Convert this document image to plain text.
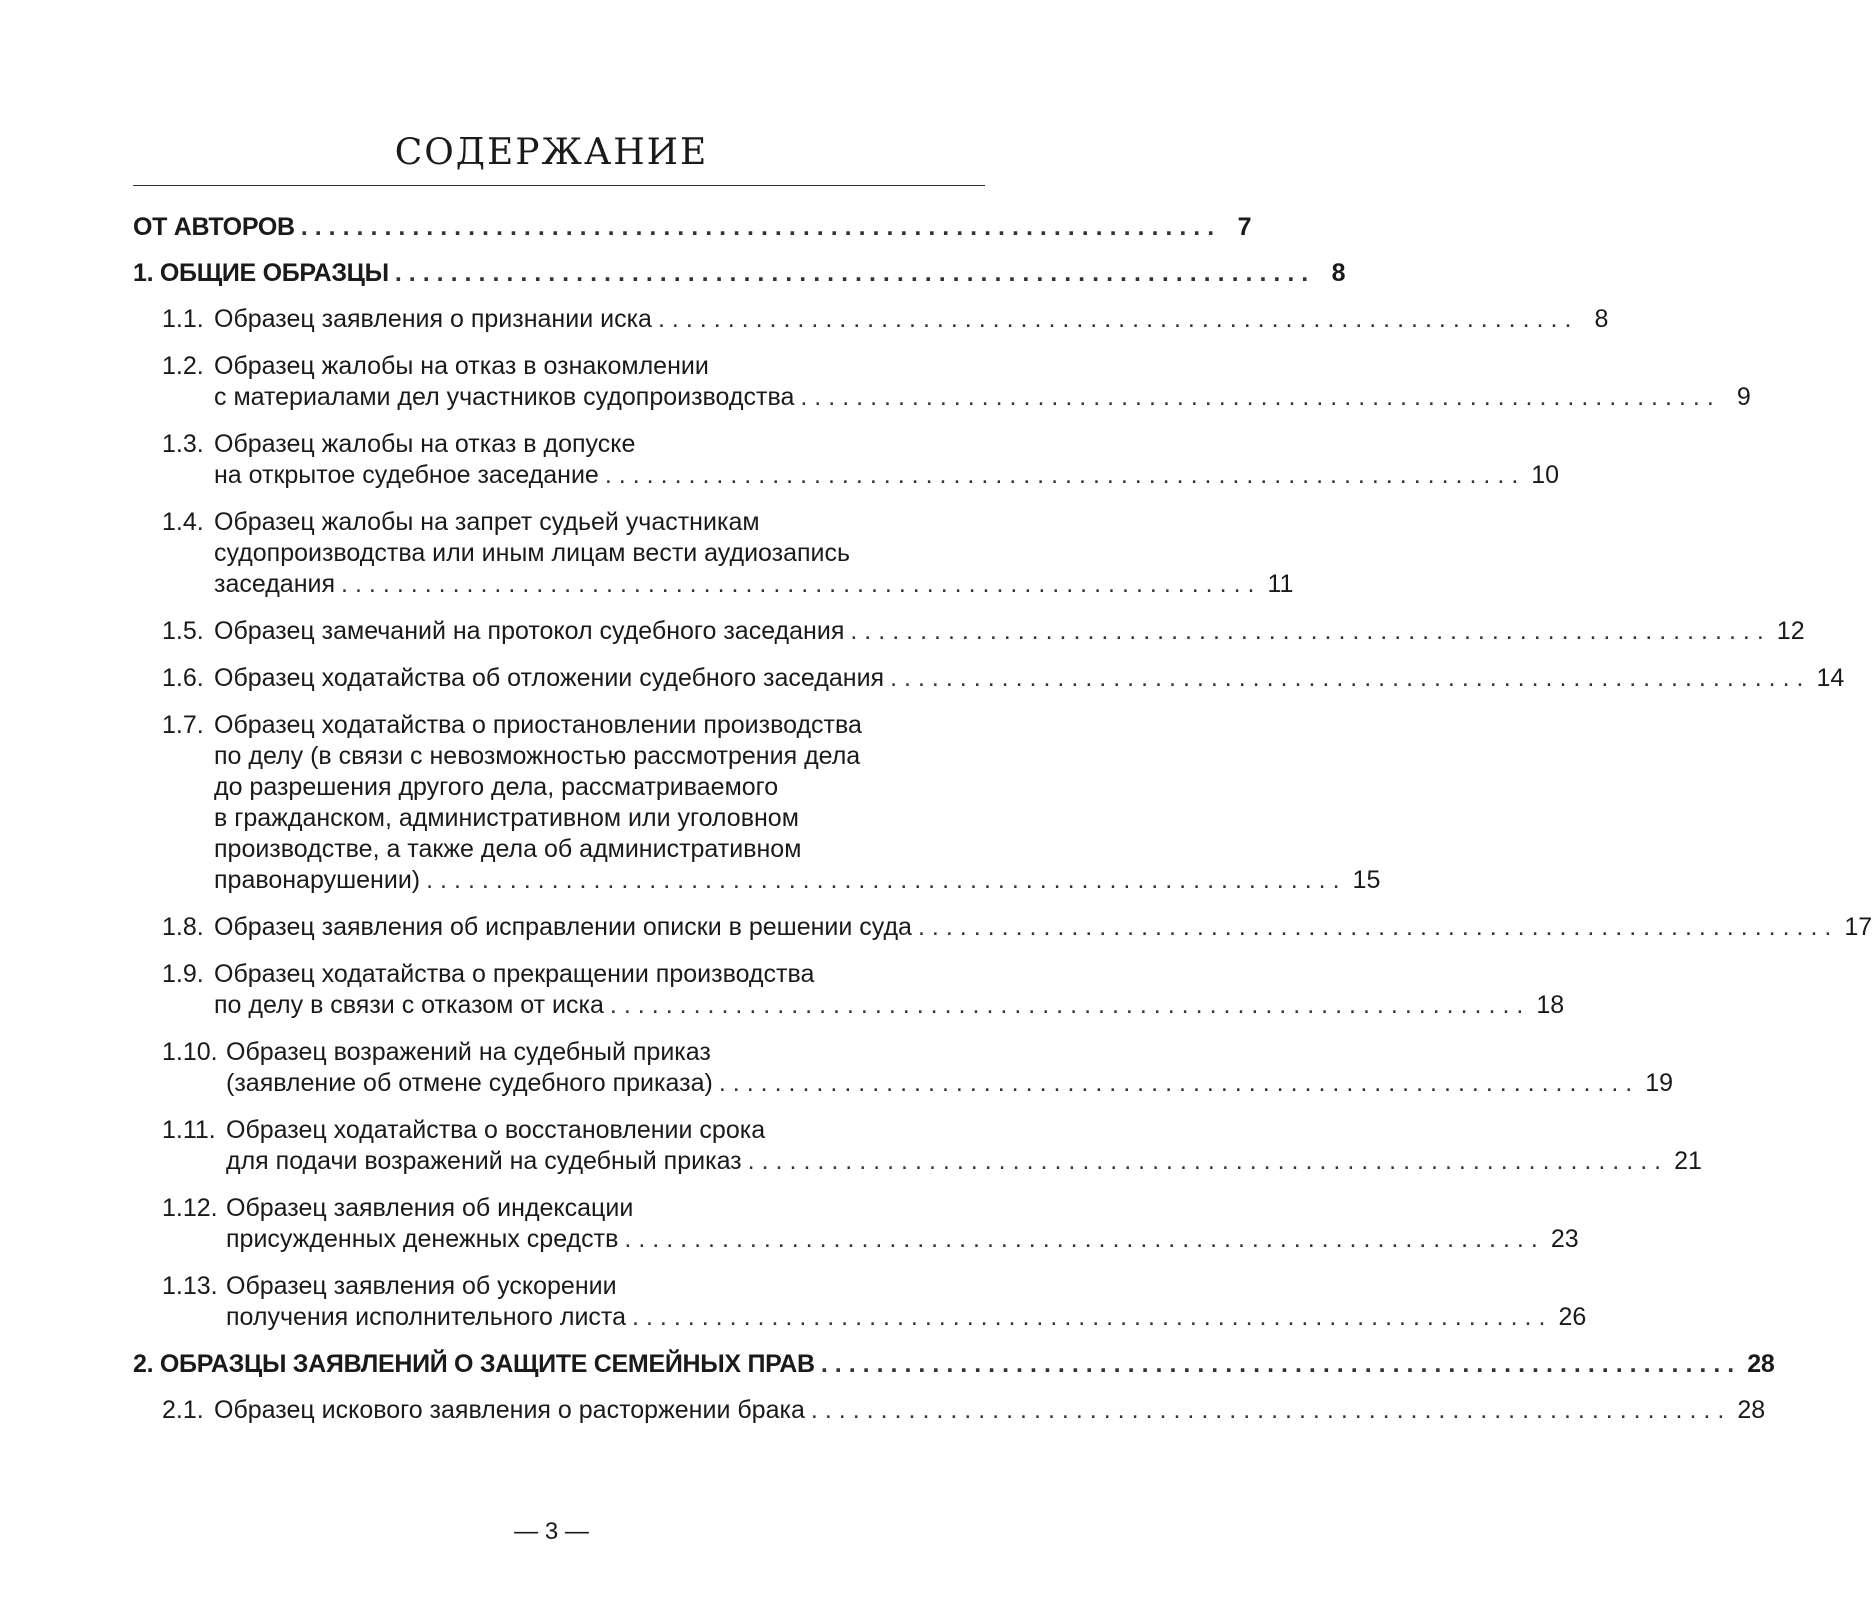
СОДЕРЖАНИЕ
ОТ АВТОРОВ .................................................................. 7
1. ОБЩИЕ ОБРАЗЦЫ .................................................................. 8
1.1. Образец заявления о признании иска .................................................................. 8
1.2. Образец жалобы на отказ в ознакомлении
с материалами дел участников судопроизводства .................................................................. 9
1.3. Образец жалобы на отказ в допуске
на открытое судебное заседание .................................................................. 10
1.4. Образец жалобы на запрет судьей участникам
судопроизводства или иным лицам вести аудиозапись
заседания .................................................................. 11
1.5. Образец замечаний на протокол судебного заседания .................................................................. 12
1.6. Образец ходатайства об отложении судебного заседания .................................................................. 14
1.7. Образец ходатайства о приостановлении производства
по делу (в связи с невозможностью рассмотрения дела
до разрешения другого дела, рассматриваемого
в гражданском, административном или уголовном
производстве, а также дела об административном
правонарушении) .................................................................. 15
1.8. Образец заявления об исправлении описки в решении суда .................................................................. 17
1.9. Образец ходатайства о прекращении производства
по делу в связи с отказом от иска .................................................................. 18
1.10. Образец возражений на судебный приказ
(заявление об отмене судебного приказа) .................................................................. 19
1.11. Образец ходатайства о восстановлении срока
для подачи возражений на судебный приказ .................................................................. 21
1.12. Образец заявления об индексации
присужденных денежных средств .................................................................. 23
1.13. Образец заявления об ускорении
получения исполнительного листа .................................................................. 26
2. ОБРАЗЦЫ ЗАЯВЛЕНИЙ О ЗАЩИТЕ СЕМЕЙНЫХ ПРАВ .................................................................. 28
2.1. Образец искового заявления о расторжении брака .................................................................. 28
— 3 —
